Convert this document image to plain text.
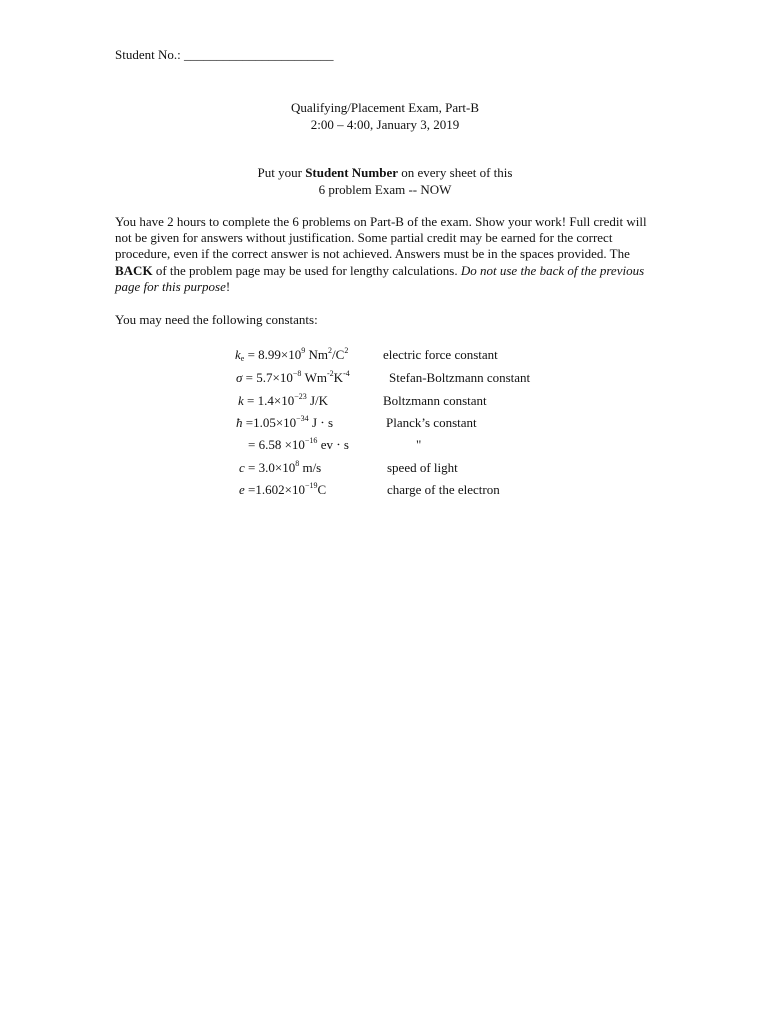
Student No.: _______________________
Qualifying/Placement Exam, Part-B
2:00 – 4:00, January 3, 2019
Put your Student Number on every sheet of this
6 problem Exam -- NOW
You have 2 hours to complete the 6 problems on Part-B of the exam. Show your work! Full credit will not be given for answers without justification. Some partial credit may be earned for the correct procedure, even if the correct answer is not achieved. Answers must be in the spaces provided. The BACK of the problem page may be used for lengthy calculations. Do not use the back of the previous page for this purpose!
You may need the following constants:
$k_e = 8.99\times 10^9$ $Nm^2/C^2$	electric force constant
$\sigma = 5.7\times 10^{-8}$ $Wm^{-2}K^{-4}$	Stefan-Boltzmann constant
$k = 1.4\times 10^{-23}$ J/K	Boltzmann constant
ħ $=1.05\times 10^{-34}$ J ⋅ s	Planck’s constant
= $6.58 \times 10^{-16}$ ev ⋅ s	"
$c = 3.0\times 10^8$ m/s	speed of light
$e =1.602\times 10^{-19}C$	charge of the electron
